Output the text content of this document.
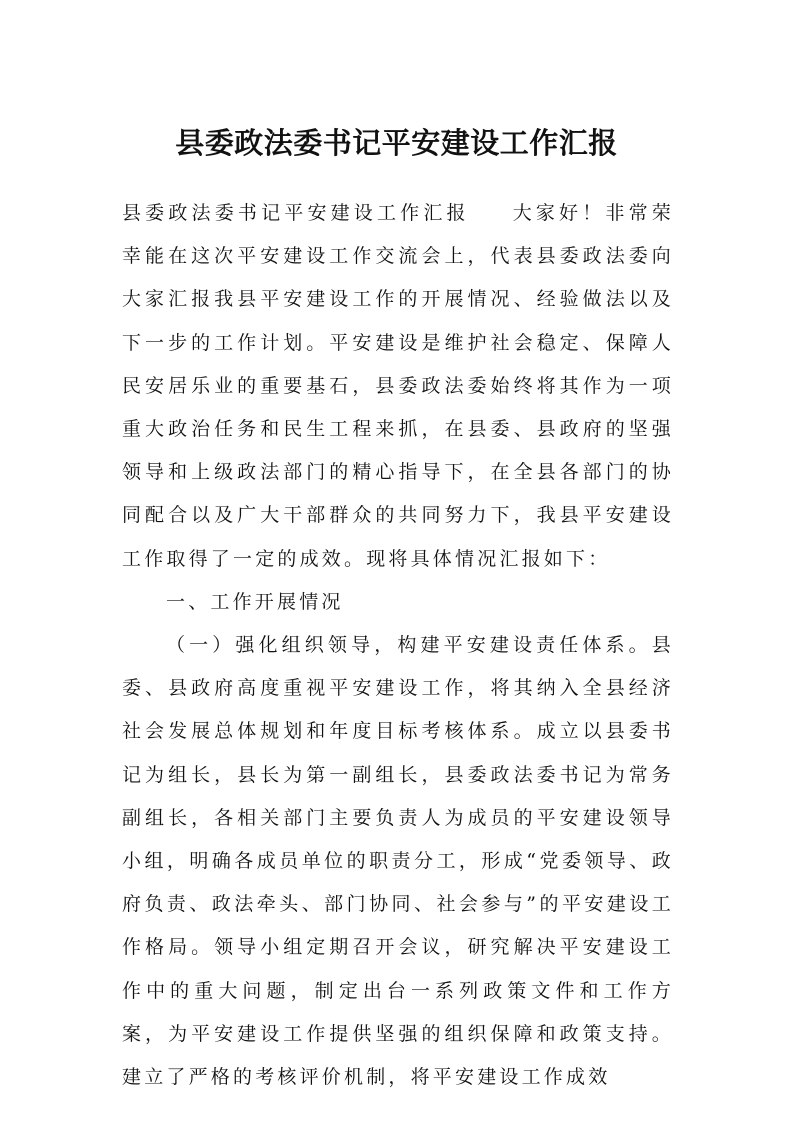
县委政法委书记平安建设工作汇报

县委政法委书记平安建设工作汇报 大家好！非常荣幸能在这次平安建设工作交流会上，代表县委政法委向大家汇报我县平安建设工作的开展情况、经验做法以及下一步的工作计划。平安建设是维护社会稳定、保障人民安居乐业的重要基石，县委政法委始终将其作为一项重大政治任务和民生工程来抓，在县委、县政府的坚强领导和上级政法部门的精心指导下，在全县各部门的协同配合以及广大干部群众的共同努力下，我县平安建设工作取得了一定的成效。现将具体情况汇报如下：

一、工作开展情况

（一）强化组织领导，构建平安建设责任体系。县委、县政府高度重视平安建设工作，将其纳入全县经济社会发展总体规划和年度目标考核体系。成立以县委书记为组长，县长为第一副组长，县委政法委书记为常务副组长，各相关部门主要负责人为成员的平安建设领导小组，明确各成员单位的职责分工，形成“党委领导、政府负责、政法牵头、部门协同、社会参与”的平安建设工作格局。领导小组定期召开会议，研究解决平安建设工作中的重大问题，制定出台一系列政策文件和工作方案，为平安建设工作提供坚强的组织保障和政策支持。建立了严格的考核评价机制，将平安建设工作成效
